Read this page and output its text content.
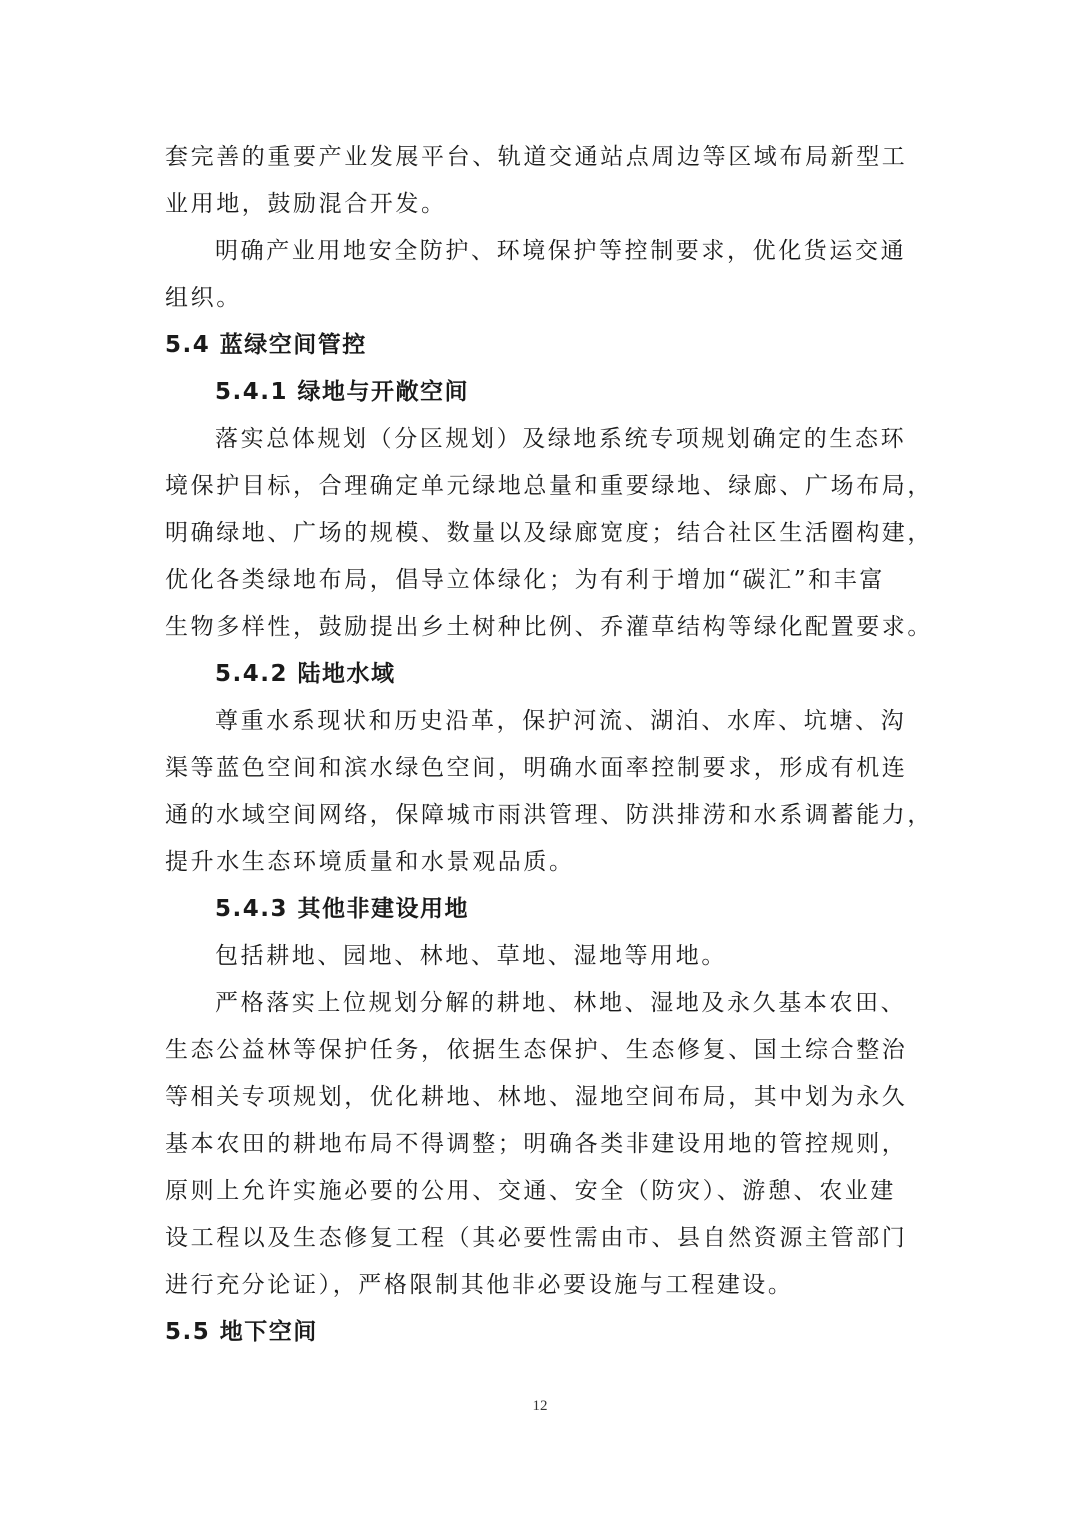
套完善的重要产业发展平台、轨道交通站点周边等区域布局新型工

业用地，鼓励混合开发。

明确产业用地安全防护、环境保护等控制要求，优化货运交通

组织。

5.4 蓝绿空间管控

5.4.1 绿地与开敞空间

落实总体规划（分区规划）及绿地系统专项规划确定的生态环

境保护目标，合理确定单元绿地总量和重要绿地、绿廊、广场布局，

明确绿地、广场的规模、数量以及绿廊宽度；结合社区生活圈构建，

优化各类绿地布局，倡导立体绿化；为有利于增加“碳汇”和丰富

生物多样性，鼓励提出乡土树种比例、乔灌草结构等绿化配置要求。

5.4.2 陆地水域

尊重水系现状和历史沿革，保护河流、湖泊、水库、坑塘、沟

渠等蓝色空间和滨水绿色空间，明确水面率控制要求，形成有机连

通的水域空间网络，保障城市雨洪管理、防洪排涝和水系调蓄能力，

提升水生态环境质量和水景观品质。

5.4.3 其他非建设用地

包括耕地、园地、林地、草地、湿地等用地。

严格落实上位规划分解的耕地、林地、湿地及永久基本农田、

生态公益林等保护任务，依据生态保护、生态修复、国土综合整治

等相关专项规划，优化耕地、林地、湿地空间布局，其中划为永久

基本农田的耕地布局不得调整；明确各类非建设用地的管控规则，

原则上允许实施必要的公用、交通、安全（防灾）、游憩、农业建

设工程以及生态修复工程（其必要性需由市、县自然资源主管部门

进行充分论证），严格限制其他非必要设施与工程建设。

5.5 地下空间

12
